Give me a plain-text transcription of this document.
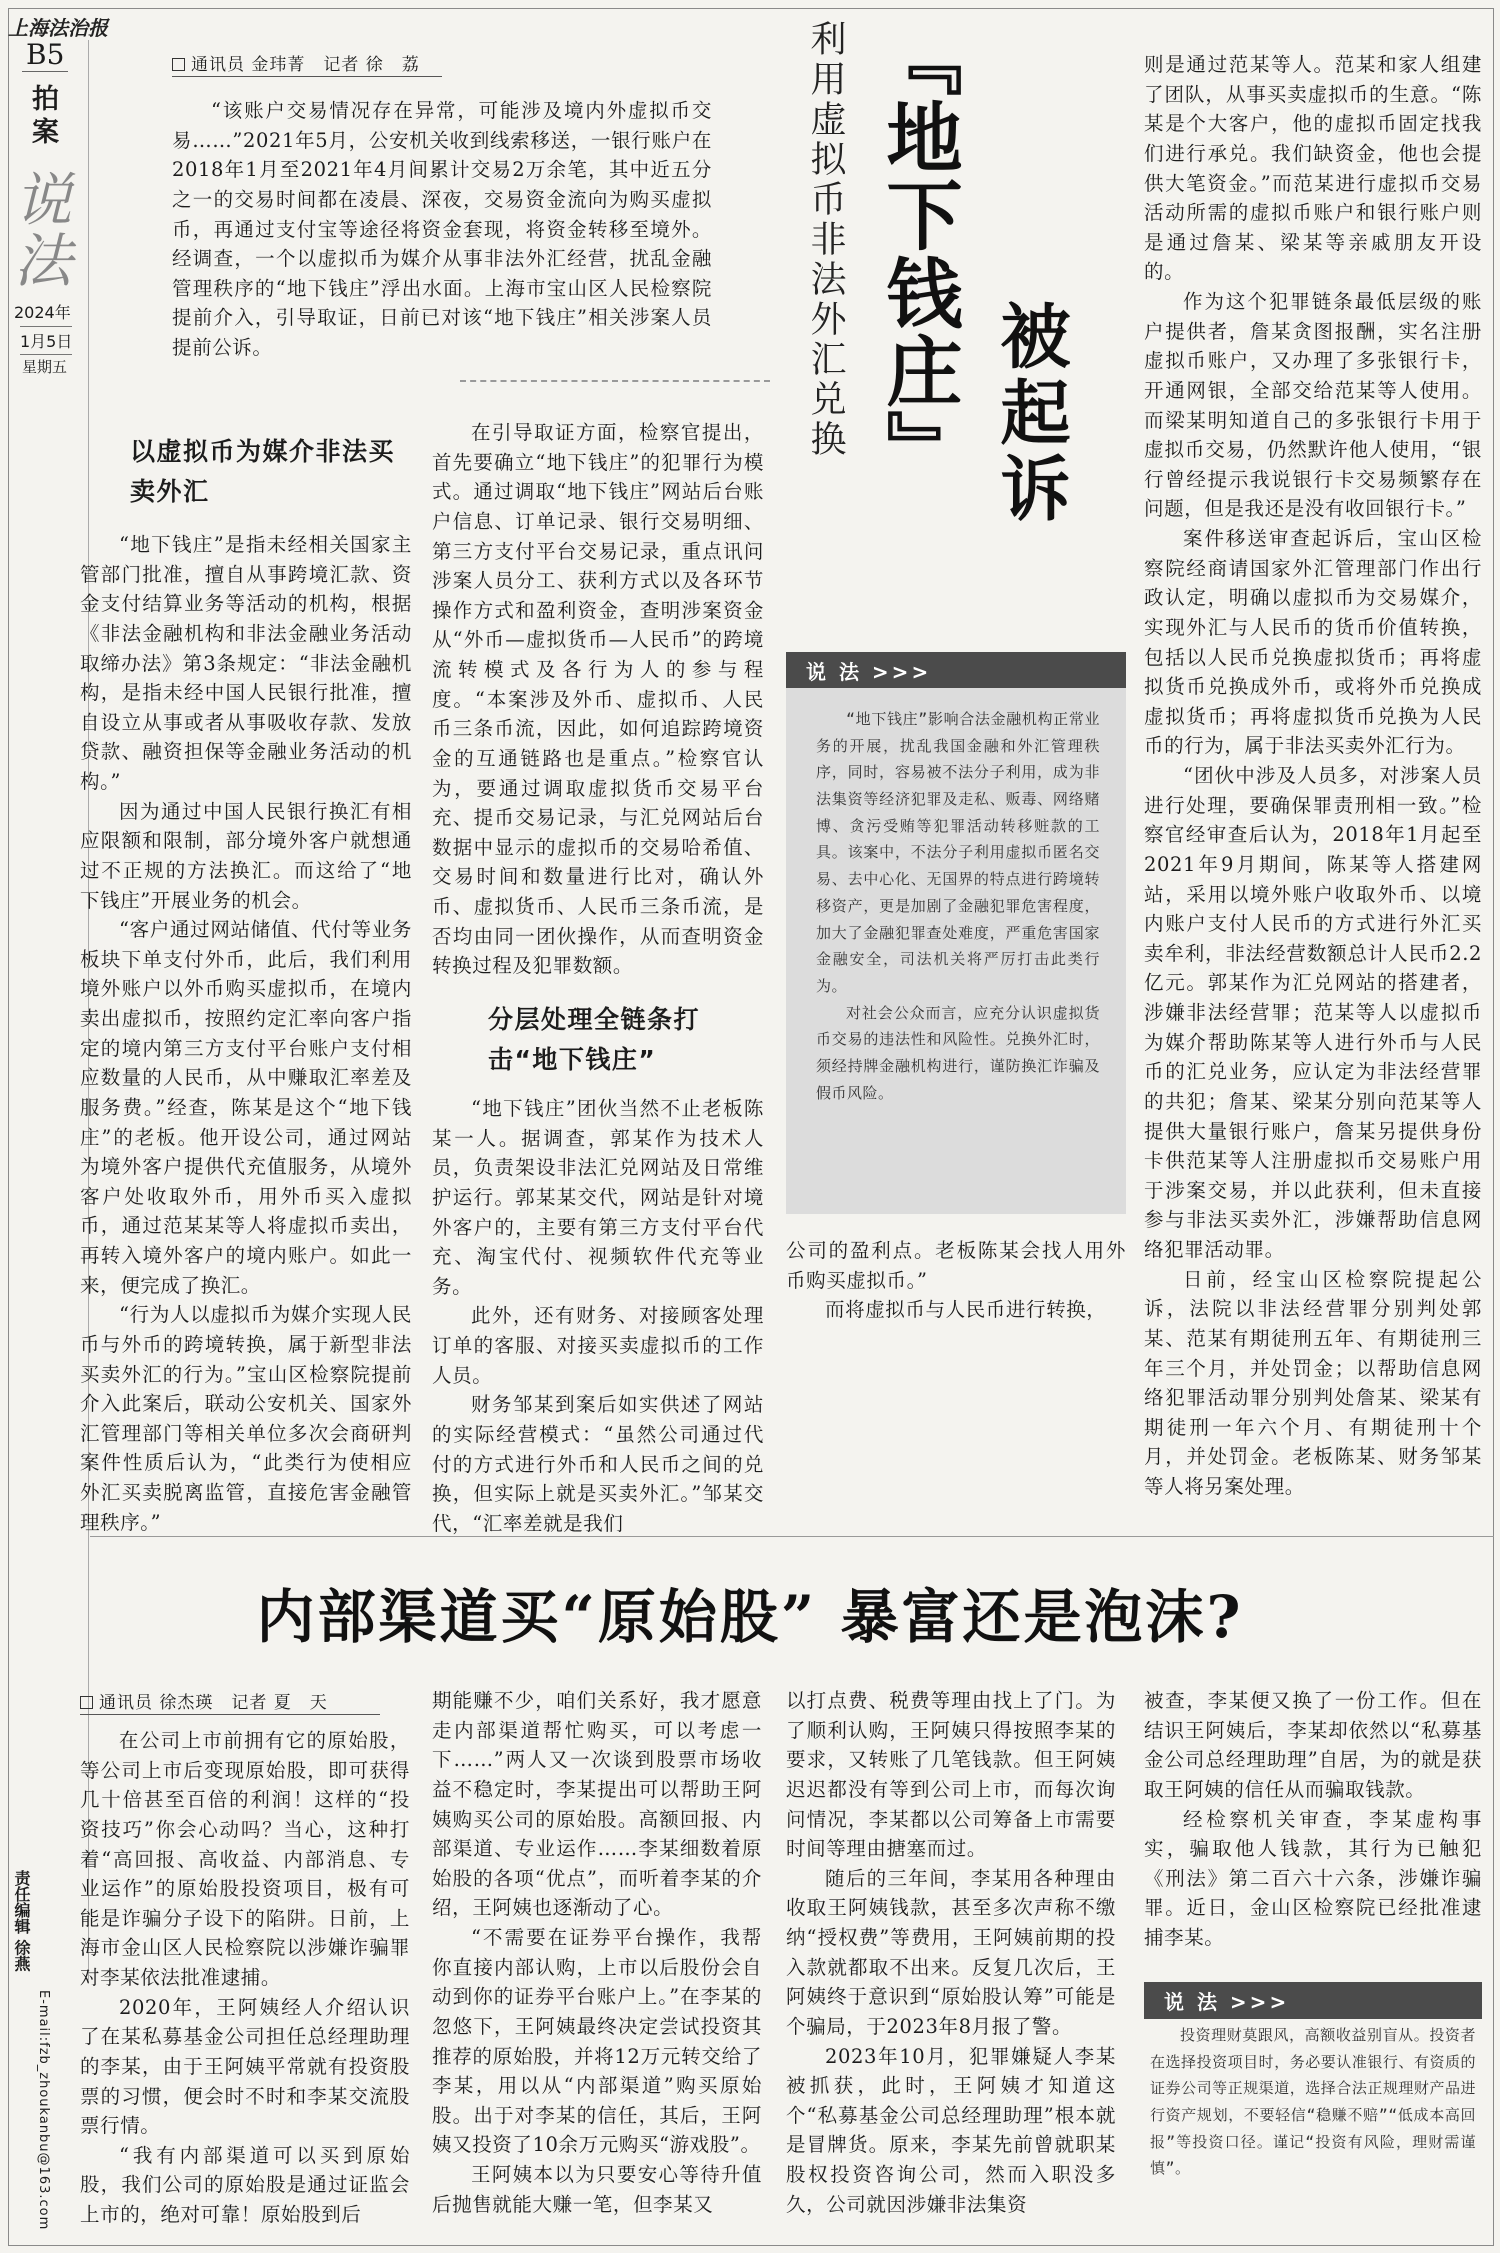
上海法治报
B5
拍案
说法
2024年
1月5日
星期五
责任编辑 徐燕
E-mail:fzb_zhoukanbu@163.com
通讯员 金玮菁　记者 徐　荔

“该账户交易情况存在异常，可能涉及境内外虚拟币交易……”2021年5月，公安机关收到线索移送，一银行账户在2018年1月至2021年4月间累计交易2万余笔，其中近五分之一的交易时间都在凌晨、深夜，交易资金流向为购买虚拟币，再通过支付宝等途径将资金套现，将资金转移至境外。经调查，一个以虚拟币为媒介从事非法外汇经营，扰乱金融管理秩序的“地下钱庄”浮出水面。上海市宝山区人民检察院提前介入，引导取证，日前已对该“地下钱庄”相关涉案人员提前公诉。	利用虚拟币非法外汇兑换 『地下钱庄』 被起诉
以虚拟币为媒介非法买卖外汇

“地下钱庄”是指未经相关国家主管部门批准，擅自从事跨境汇款、资金支付结算业务等活动的机构，根据《非法金融机构和非法金融业务活动取缔办法》第3条规定：“非法金融机构，是指未经中国人民银行批准，擅自设立从事或者从事吸收存款、发放贷款、融资担保等金融业务活动的机构。”

因为通过中国人民银行换汇有相应限额和限制，部分境外客户就想通过不正规的方法换汇。而这给了“地下钱庄”开展业务的机会。

“客户通过网站储值、代付等业务板块下单支付外币，此后，我们利用境外账户以外币购买虚拟币，在境内卖出虚拟币，按照约定汇率向客户指定的境内第三方支付平台账户支付相应数量的人民币，从中赚取汇率差及服务费。”经查，陈某是这个“地下钱庄”的老板。他开设公司，通过网站为境外客户提供代充值服务，从境外客户处收取外币，用外币买入虚拟币，通过范某某等人将虚拟币卖出，再转入境外客户的境内账户。如此一来，便完成了换汇。

“行为人以虚拟币为媒介实现人民币与外币的跨境转换，属于新型非法买卖外汇的行为。”宝山区检察院提前介入此案后，联动公安机关、国家外汇管理部门等相关单位多次会商研判案件性质后认为，“此类行为使相应外汇买卖脱离监管，直接危害金融管理秩序。”

在引导取证方面，检察官提出，首先要确立“地下钱庄”的犯罪行为模式。通过调取“地下钱庄”网站后台账户信息、订单记录、银行交易明细、第三方支付平台交易记录，重点讯问涉案人员分工、获利方式以及各环节操作方式和盈利资金，查明涉案资金从“外币—虚拟货币—人民币”的跨境流转模式及各行为人的参与程度。“本案涉及外币、虚拟币、人民币三条币流，因此，如何追踪跨境资金的互通链路也是重点。”检察官认为，要通过调取虚拟货币交易平台充、提币交易记录，与汇兑网站后台数据中显示的虚拟币的交易哈希值、交易时间和数量进行比对，确认外币、虚拟货币、人民币三条币流，是否均由同一团伙操作，从而查明资金转换过程及犯罪数额。

分层处理全链条打击“地下钱庄”

“地下钱庄”团伙当然不止老板陈某一人。据调查，郭某作为技术人员，负责架设非法汇兑网站及日常维护运行。郭某某交代，网站是针对境外客户的，主要有第三方支付平台代充、淘宝代付、视频软件代充等业务。

此外，还有财务、对接顾客处理订单的客服、对接买卖虚拟币的工作人员。

财务邹某到案后如实供述了网站的实际经营模式：“虽然公司通过代付的方式进行外币和人民币之间的兑换，但实际上就是买卖外汇。”邹某交代，“汇率差就是我们

说 法 >>>

“地下钱庄”影响合法金融机构正常业务的开展，扰乱我国金融和外汇管理秩序，同时，容易被不法分子利用，成为非法集资等经济犯罪及走私、贩毒、网络赌博、贪污受贿等犯罪活动转移赃款的工具。该案中，不法分子利用虚拟币匿名交易、去中心化、无国界的特点进行跨境转移资产，更是加剧了金融犯罪危害程度，加大了金融犯罪查处难度，严重危害国家金融安全，司法机关将严厉打击此类行为。

对社会公众而言，应充分认识虚拟货币交易的违法性和风险性。兑换外汇时，须经持牌金融机构进行，谨防换汇诈骗及假币风险。

公司的盈利点。老板陈某会找人用外币购买虚拟币。”

而将虚拟币与人民币进行转换，

则是通过范某等人。范某和家人组建了团队，从事买卖虚拟币的生意。“陈某是个大客户，他的虚拟币固定找我们进行承兑。我们缺资金，他也会提供大笔资金。”而范某进行虚拟币交易活动所需的虚拟币账户和银行账户则是通过詹某、梁某等亲戚朋友开设的。

作为这个犯罪链条最低层级的账户提供者，詹某贪图报酬，实名注册虚拟币账户，又办理了多张银行卡，开通网银，全部交给范某等人使用。而梁某明知道自己的多张银行卡用于虚拟币交易，仍然默许他人使用，“银行曾经提示我说银行卡交易频繁存在问题，但是我还是没有收回银行卡。”

案件移送审查起诉后，宝山区检察院经商请国家外汇管理部门作出行政认定，明确以虚拟币为交易媒介，实现外汇与人民币的货币价值转换，包括以人民币兑换虚拟货币；再将虚拟货币兑换成外币，或将外币兑换成虚拟货币；再将虚拟货币兑换为人民币的行为，属于非法买卖外汇行为。

“团伙中涉及人员多，对涉案人员进行处理，要确保罪责刑相一致。”检察官经审查后认为，2018年1月起至2021年9月期间，陈某等人搭建网站，采用以境外账户收取外币、以境内账户支付人民币的方式进行外汇买卖牟利，非法经营数额总计人民币2.2亿元。郭某作为汇兑网站的搭建者，涉嫌非法经营罪；范某等人以虚拟币为媒介帮助陈某等人进行外币与人民币的汇兑业务，应认定为非法经营罪的共犯；詹某、梁某分别向范某等人提供大量银行账户，詹某另提供身份卡供范某等人注册虚拟币交易账户用于涉案交易，并以此获利，但未直接参与非法买卖外汇，涉嫌帮助信息网络犯罪活动罪。

日前，经宝山区检察院提起公诉，法院以非法经营罪分别判处郭某、范某有期徒刑五年、有期徒刑三年三个月，并处罚金；以帮助信息网络犯罪活动罪分别判处詹某、梁某有期徒刑一年六个月、有期徒刑十个月，并处罚金。老板陈某、财务邹某等人将另案处理。

内部渠道买“原始股” 暴富还是泡沫?
通讯员 徐杰瑛　记者 夏　天

在公司上市前拥有它的原始股，等公司上市后变现原始股，即可获得几十倍甚至百倍的利润！这样的“投资技巧”你会心动吗？当心，这种打着“高回报、高收益、内部消息、专业运作”的原始股投资项目，极有可能是诈骗分子设下的陷阱。日前，上海市金山区人民检察院以涉嫌诈骗罪对李某依法批准逮捕。

2020年，王阿姨经人介绍认识了在某私募基金公司担任总经理助理的李某，由于王阿姨平常就有投资股票的习惯，便会时不时和李某交流股票行情。

“我有内部渠道可以买到原始股，我们公司的原始股是通过证监会上市的，绝对可靠！原始股到后

期能赚不少，咱们关系好，我才愿意走内部渠道帮忙购买，可以考虑一下……”两人又一次谈到股票市场收益不稳定时，李某提出可以帮助王阿姨购买公司的原始股。高额回报、内部渠道、专业运作……李某细数着原始股的各项“优点”，而听着李某的介绍，王阿姨也逐渐动了心。

“不需要在证券平台操作，我帮你直接内部认购，上市以后股份会自动到你的证券平台账户上。”在李某的忽悠下，王阿姨最终决定尝试投资其推荐的原始股，并将12万元转交给了李某，用以从“内部渠道”购买原始股。出于对李某的信任，其后，王阿姨又投资了10余万元购买“游戏股”。

王阿姨本以为只要安心等待升值后抛售就能大赚一笔，但李某又

以打点费、税费等理由找上了门。为了顺利认购，王阿姨只得按照李某的要求，又转账了几笔钱款。但王阿姨迟迟都没有等到公司上市，而每次询问情况，李某都以公司筹备上市需要时间等理由搪塞而过。

随后的三年间，李某用各种理由收取王阿姨钱款，甚至多次声称不缴纳“授权费”等费用，王阿姨前期的投入款就都取不出来。反复几次后，王阿姨终于意识到“原始股认筹”可能是个骗局，于2023年8月报了警。

2023年10月，犯罪嫌疑人李某被抓获，此时，王阿姨才知道这个“私募基金公司总经理助理”根本就是冒牌货。原来，李某先前曾就职某股权投资咨询公司，然而入职没多久，公司就因涉嫌非法集资

被查，李某便又换了一份工作。但在结识王阿姨后，李某却依然以“私募基金公司总经理助理”自居，为的就是获取王阿姨的信任从而骗取钱款。

经检察机关审查，李某虚构事实，骗取他人钱款，其行为已触犯《刑法》第二百六十六条，涉嫌诈骗罪。近日，金山区检察院已经批准逮捕李某。

说 法 >>>

投资理财莫跟风，高额收益别盲从。投资者在选择投资项目时，务必要认准银行、有资质的证券公司等正规渠道，选择合法正规理财产品进行资产规划，不要轻信“稳赚不赔”“低成本高回报”等投资口径。谨记“投资有风险，理财需谨慎”。
